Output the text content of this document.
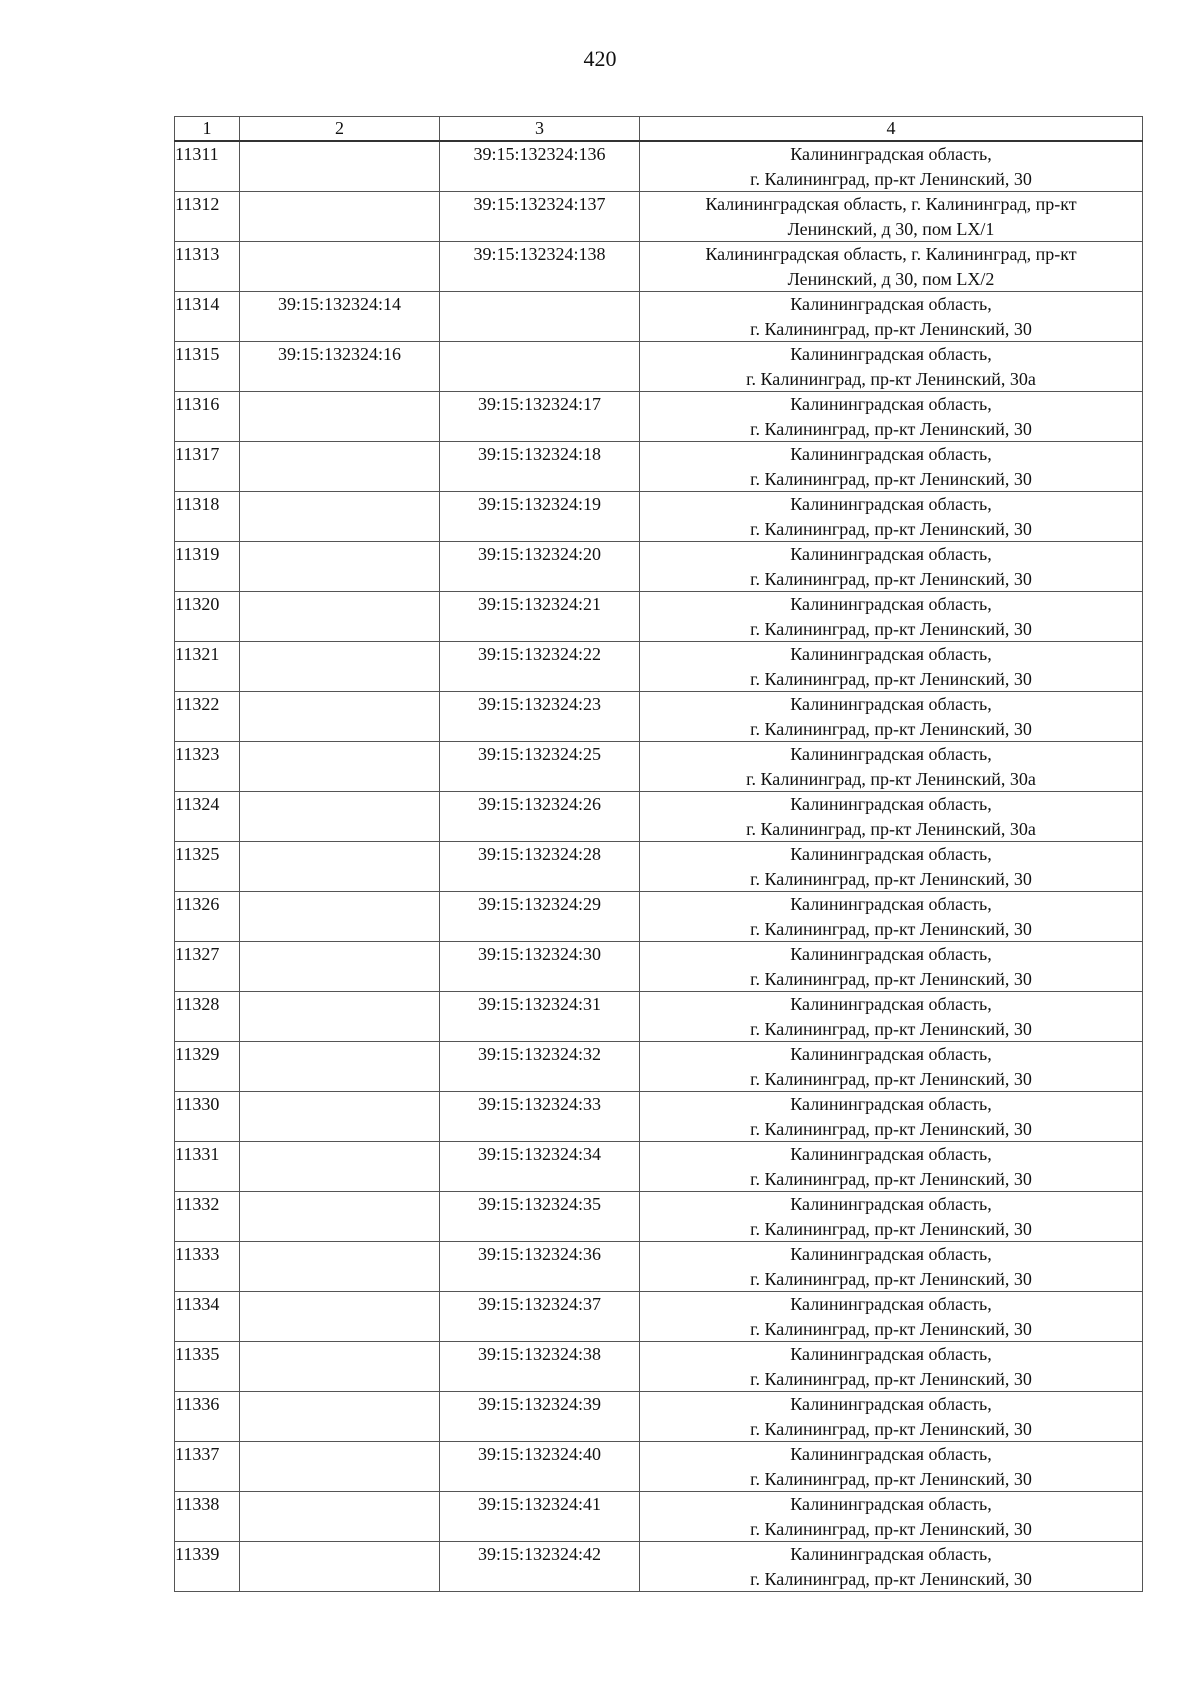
420
1	2	3	4
11311		39:15:132324:136	Калининградская область,
г. Калининград, пр-кт Ленинский, 30

11312		39:15:132324:137	Калининградская область, г. Калининград, пр-кт
Ленинский, д 30, пом LX/1

11313		39:15:132324:138	Калининградская область, г. Калининград, пр-кт
Ленинский, д 30, пом LX/2

11314	39:15:132324:14		Калининградская область,
г. Калининград, пр-кт Ленинский, 30

11315	39:15:132324:16		Калининградская область,
г. Калининград, пр-кт Ленинский, 30а

11316		39:15:132324:17	Калининградская область,
г. Калининград, пр-кт Ленинский, 30

11317		39:15:132324:18	Калининградская область,
г. Калининград, пр-кт Ленинский, 30

11318		39:15:132324:19	Калининградская область,
г. Калининград, пр-кт Ленинский, 30

11319		39:15:132324:20	Калининградская область,
г. Калининград, пр-кт Ленинский, 30

11320		39:15:132324:21	Калининградская область,
г. Калининград, пр-кт Ленинский, 30

11321		39:15:132324:22	Калининградская область,
г. Калининград, пр-кт Ленинский, 30

11322		39:15:132324:23	Калининградская область,
г. Калининград, пр-кт Ленинский, 30

11323		39:15:132324:25	Калининградская область,
г. Калининград, пр-кт Ленинский, 30а

11324		39:15:132324:26	Калининградская область,
г. Калининград, пр-кт Ленинский, 30а

11325		39:15:132324:28	Калининградская область,
г. Калининград, пр-кт Ленинский, 30

11326		39:15:132324:29	Калининградская область,
г. Калининград, пр-кт Ленинский, 30

11327		39:15:132324:30	Калининградская область,
г. Калининград, пр-кт Ленинский, 30

11328		39:15:132324:31	Калининградская область,
г. Калининград, пр-кт Ленинский, 30

11329		39:15:132324:32	Калининградская область,
г. Калининград, пр-кт Ленинский, 30

11330		39:15:132324:33	Калининградская область,
г. Калининград, пр-кт Ленинский, 30

11331		39:15:132324:34	Калининградская область,
г. Калининград, пр-кт Ленинский, 30

11332		39:15:132324:35	Калининградская область,
г. Калининград, пр-кт Ленинский, 30

11333		39:15:132324:36	Калининградская область,
г. Калининград, пр-кт Ленинский, 30

11334		39:15:132324:37	Калининградская область,
г. Калининград, пр-кт Ленинский, 30

11335		39:15:132324:38	Калининградская область,
г. Калининград, пр-кт Ленинский, 30

11336		39:15:132324:39	Калининградская область,
г. Калининград, пр-кт Ленинский, 30

11337		39:15:132324:40	Калининградская область,
г. Калининград, пр-кт Ленинский, 30

11338		39:15:132324:41	Калининградская область,
г. Калининград, пр-кт Ленинский, 30

11339		39:15:132324:42	Калининградская область,
г. Калининград, пр-кт Ленинский, 30
